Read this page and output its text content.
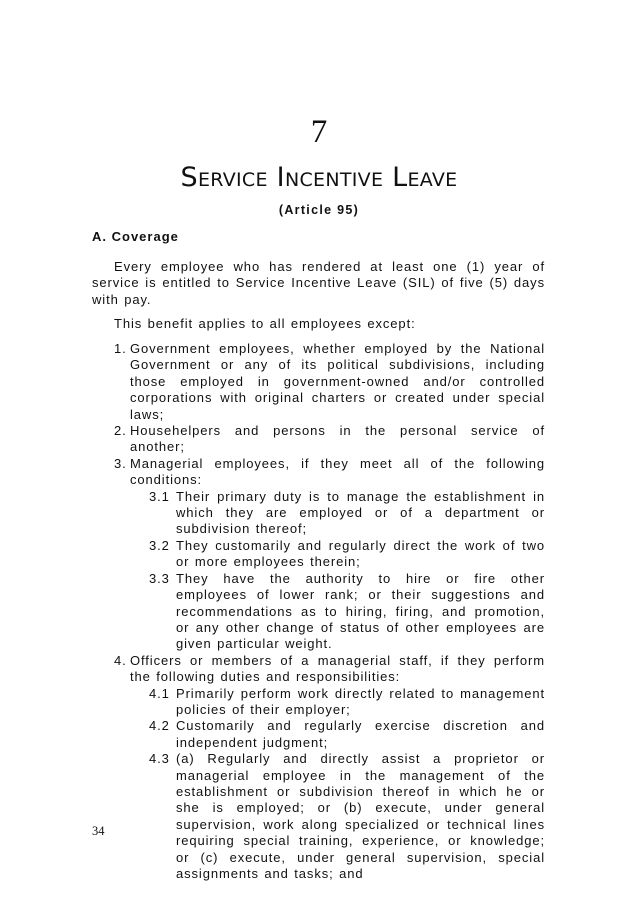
7
Service Incentive Leave
(Article 95)
A. Coverage
Every employee who has rendered at least one (1) year of service is entitled to Service Incentive Leave (SIL) of five (5) days with pay.
This benefit applies to all employees except:
1. Government employees, whether employed by the National Government or any of its political subdivisions, including those employed in government-owned and/or controlled corporations with original charters or created under special laws;
2. Househelpers and persons in the personal service of another;
3. Managerial employees, if they meet all of the following conditions:
3.1 Their primary duty is to manage the establishment in which they are employed or of a department or subdivision thereof;
3.2 They customarily and regularly direct the work of two or more employees therein;
3.3 They have the authority to hire or fire other employees of lower rank; or their suggestions and recommendations as to hiring, firing, and promotion, or any other change of status of other employees are given particular weight.
4. Officers or members of a managerial staff, if they perform the following duties and responsibilities:
4.1 Primarily perform work directly related to management policies of their employer;
4.2 Customarily and regularly exercise discretion and independent judgment;
4.3 (a) Regularly and directly assist a proprietor or managerial employee in the management of the establishment or subdivision thereof in which he or she is employed; or (b) execute, under general supervision, work along specialized or technical lines requiring special training, experience, or knowledge; or (c) execute, under general supervision, special assignments and tasks; and
34
